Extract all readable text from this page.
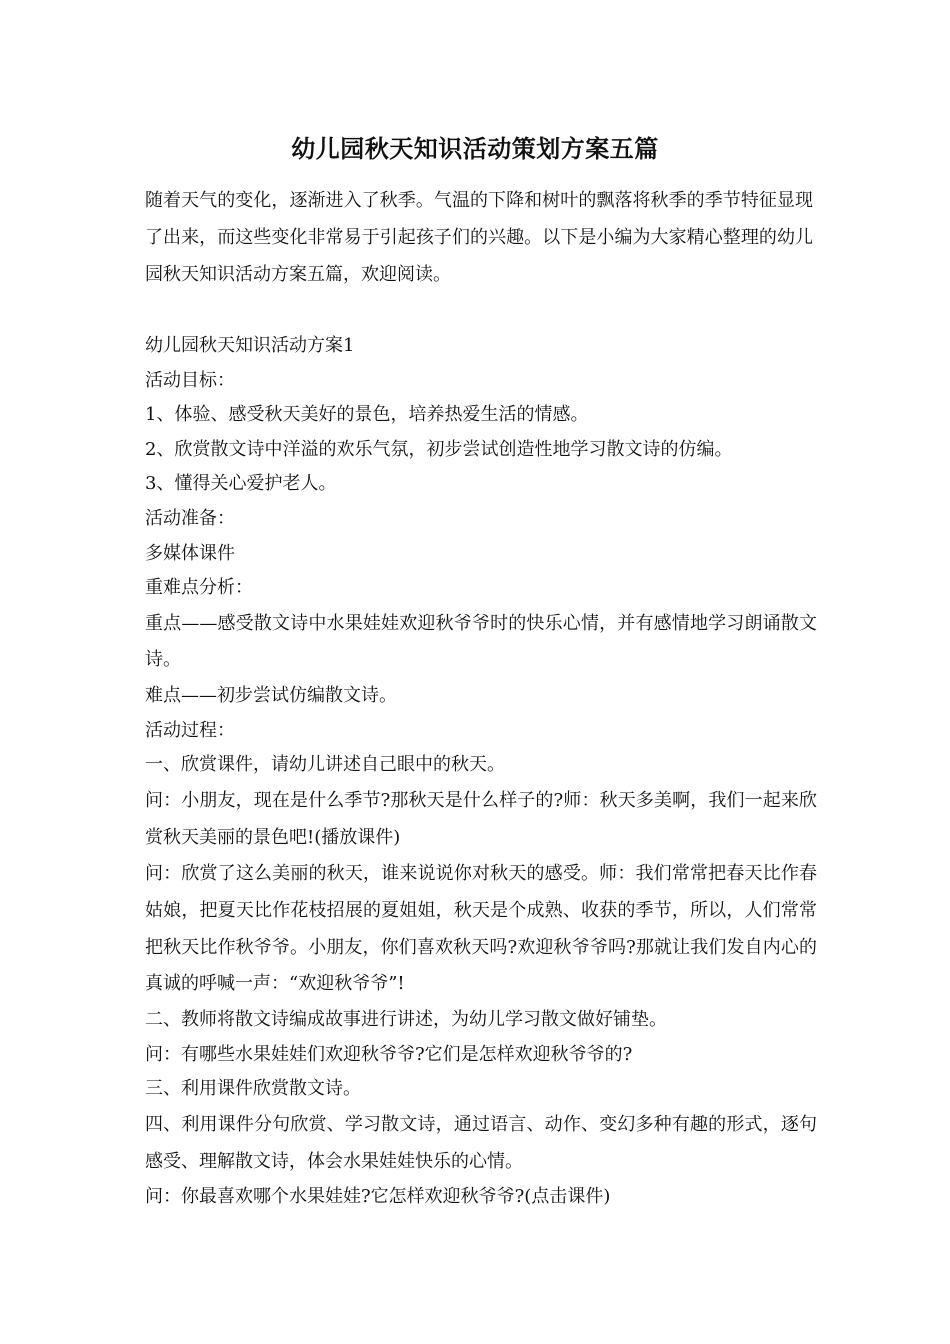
幼儿园秋天知识活动策划方案五篇
随着天气的变化，逐渐进入了秋季。气温的下降和树叶的飘落将秋季的季节特征显现了出来，而这些变化非常易于引起孩子们的兴趣。以下是小编为大家精心整理的幼儿园秋天知识活动方案五篇，欢迎阅读。
幼儿园秋天知识活动方案1
活动目标：
1、体验、感受秋天美好的景色，培养热爱生活的情感。
2、欣赏散文诗中洋溢的欢乐气氛，初步尝试创造性地学习散文诗的仿编。
3、懂得关心爱护老人。
活动准备：
多媒体课件
重难点分析：
重点——感受散文诗中水果娃娃欢迎秋爷爷时的快乐心情，并有感情地学习朗诵散文诗。
难点——初步尝试仿编散文诗。
活动过程：
一、欣赏课件，请幼儿讲述自己眼中的秋天。
问：小朋友，现在是什么季节?那秋天是什么样子的?师：秋天多美啊，我们一起来欣赏秋天美丽的景色吧!(播放课件)
问：欣赏了这么美丽的秋天，谁来说说你对秋天的感受。师：我们常常把春天比作春姑娘，把夏天比作花枝招展的夏姐姐，秋天是个成熟、收获的季节，所以，人们常常把秋天比作秋爷爷。小朋友，你们喜欢秋天吗?欢迎秋爷爷吗?那就让我们发自内心的真诚的呼喊一声：“欢迎秋爷爷”!
二、教师将散文诗编成故事进行讲述，为幼儿学习散文做好铺垫。
问：有哪些水果娃娃们欢迎秋爷爷?它们是怎样欢迎秋爷爷的?
三、利用课件欣赏散文诗。
四、利用课件分句欣赏、学习散文诗，通过语言、动作、变幻多种有趣的形式，逐句感受、理解散文诗，体会水果娃娃快乐的心情。
问：你最喜欢哪个水果娃娃?它怎样欢迎秋爷爷?(点击课件)
